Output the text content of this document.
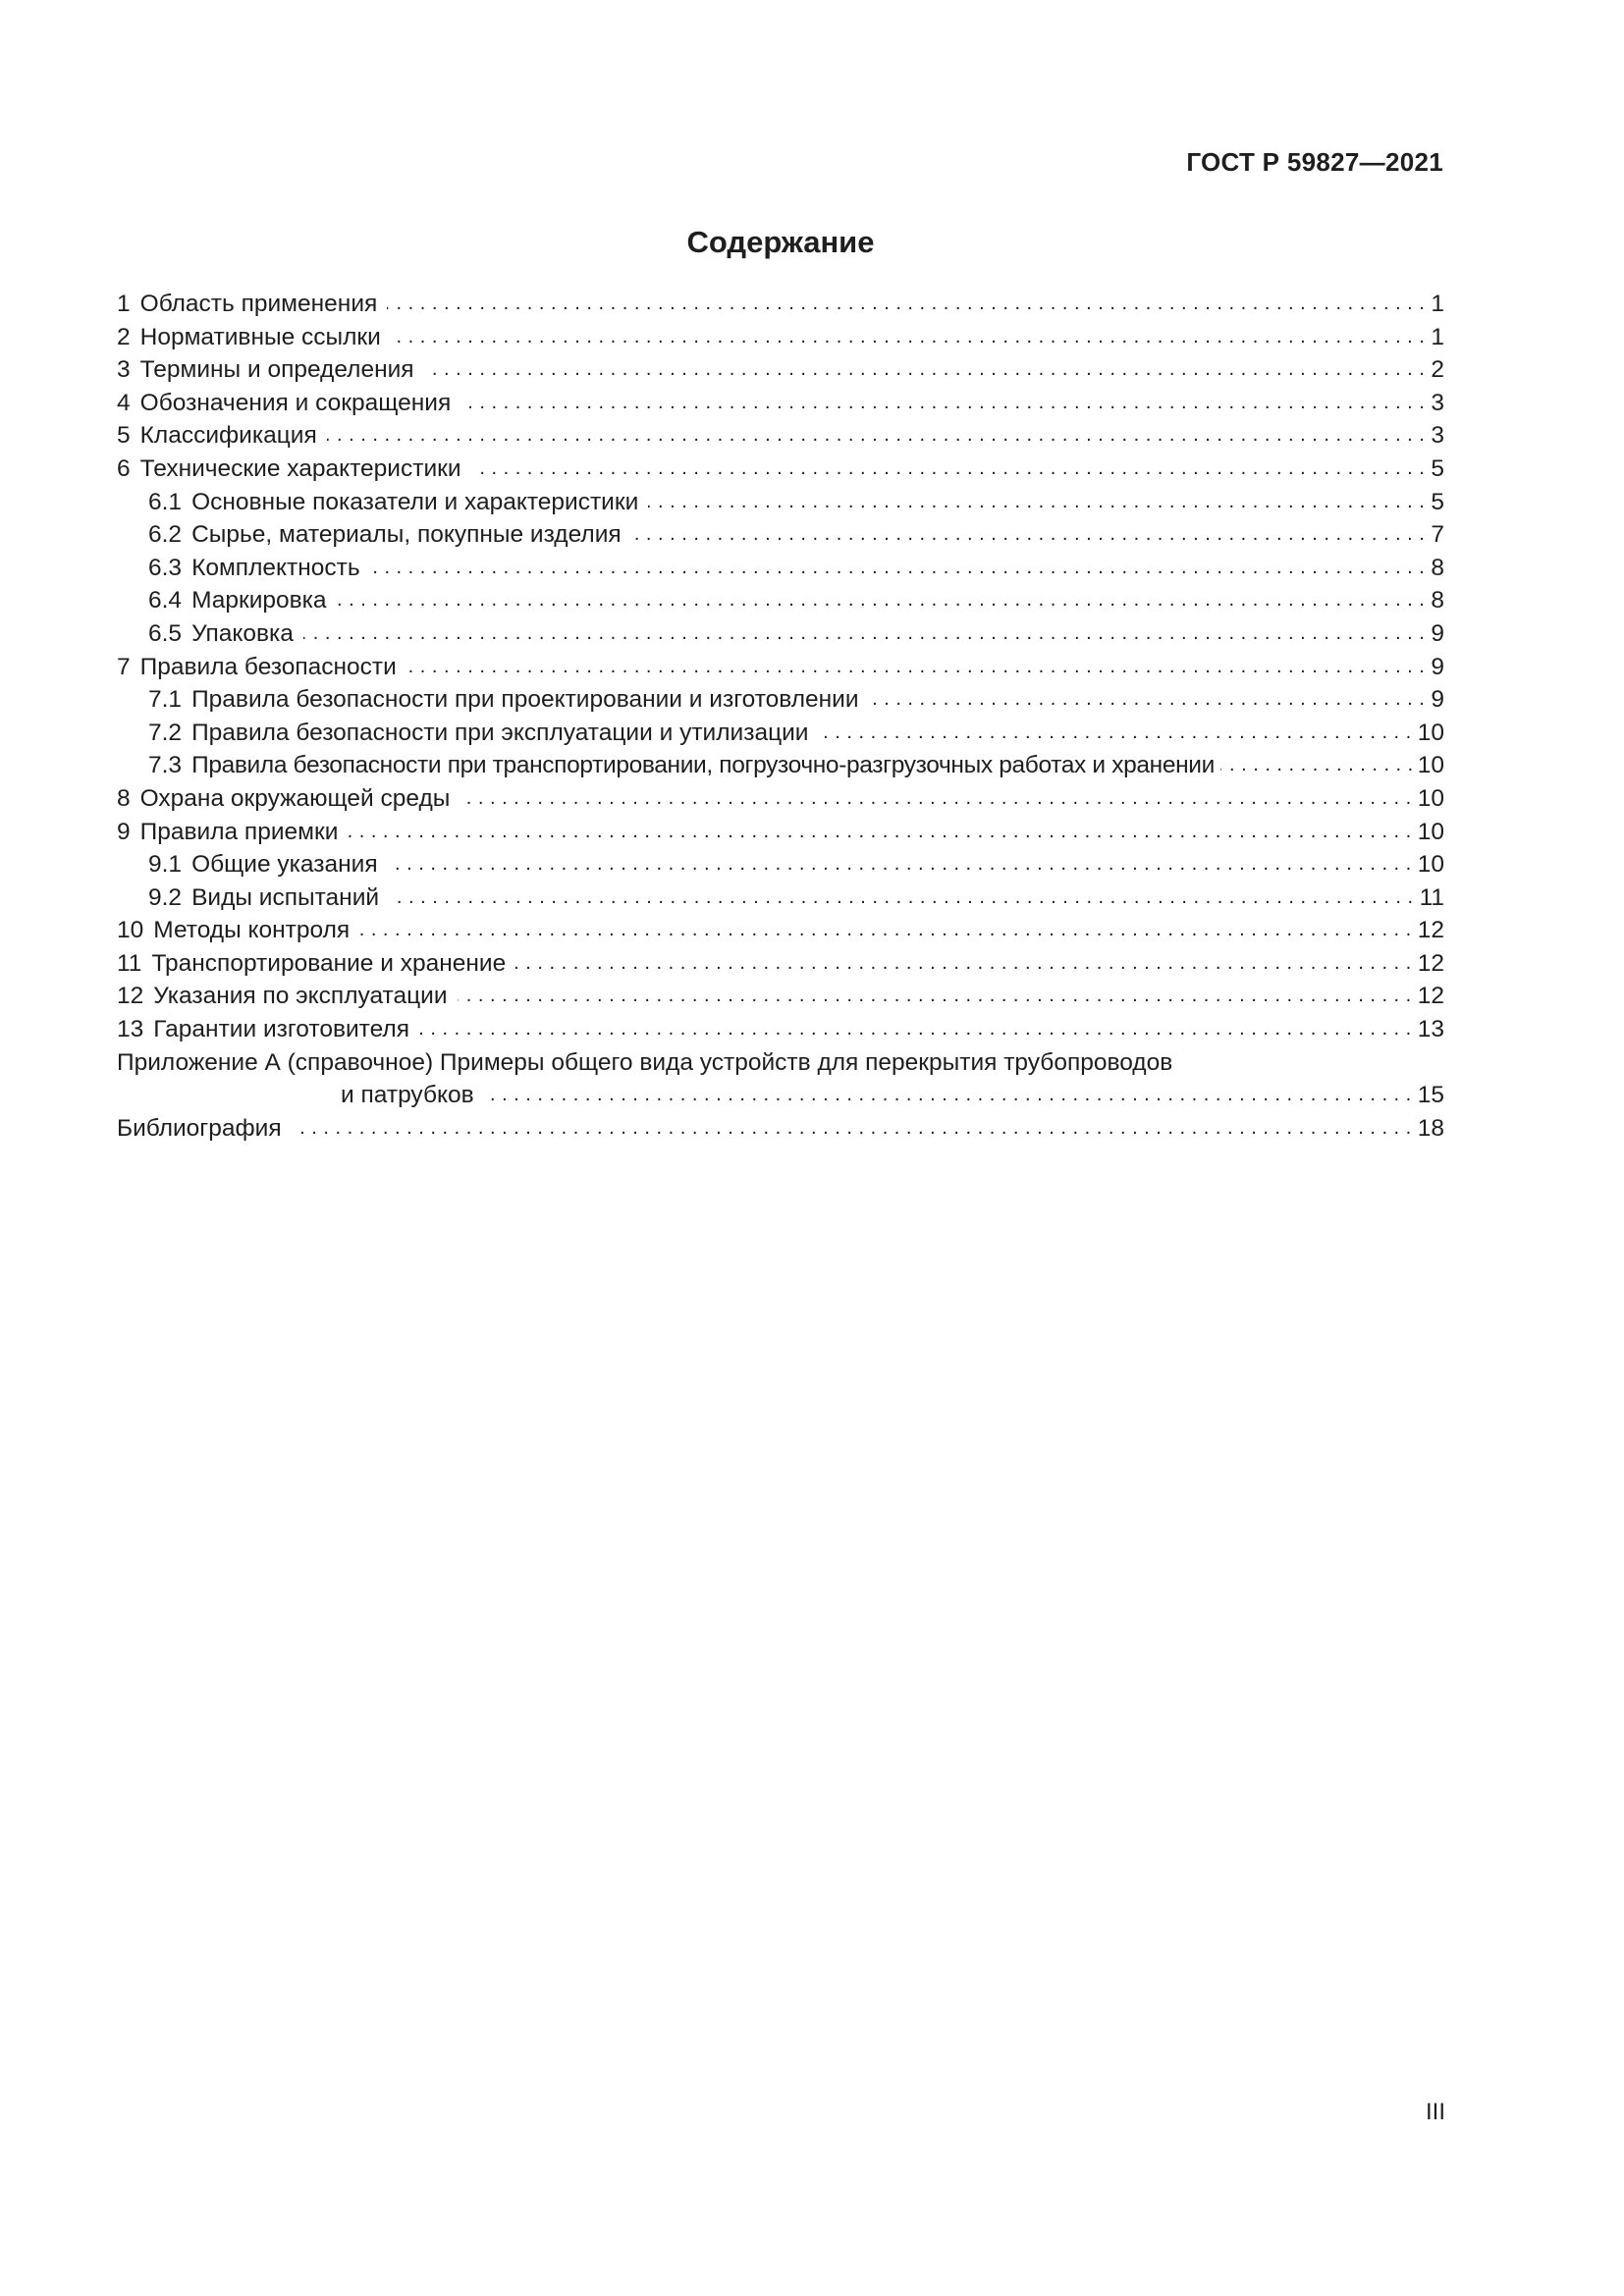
ГОСТ Р 59827—2021
Содержание
1 Область применения . . .	1
2 Нормативные ссылки . . .	1
3 Термины и определения . . .	2
4 Обозначения и сокращения . . .	3
5 Классификация . . .	3
6 Технические характеристики . . .	5
6.1 Основные показатели и характеристики . . .	5
6.2 Сырье, материалы, покупные изделия . . .	7
6.3 Комплектность . . .	8
6.4 Маркировка . . .	8
6.5 Упаковка . . .	9
7 Правила безопасности . . .	9
7.1 Правила безопасности при проектировании и изготовлении . . .	9
7.2 Правила безопасности при эксплуатации и утилизации . . .	10
7.3 Правила безопасности при транспортировании, погрузочно-разгрузочных работах и хранении . . .	10
8 Охрана окружающей среды . . .	10
9 Правила приемки . . .	10
9.1 Общие указания . . .	10
9.2 Виды испытаний . . .	11
10 Методы контроля . . .	12
11 Транспортирование и хранение . . .	12
12 Указания по эксплуатации . . .	12
13 Гарантии изготовителя . . .	13
Приложение А (справочное) Примеры общего вида устройств для перекрытия трубопроводов
и патрубков . . .	15
Библиография . . .	18
III
